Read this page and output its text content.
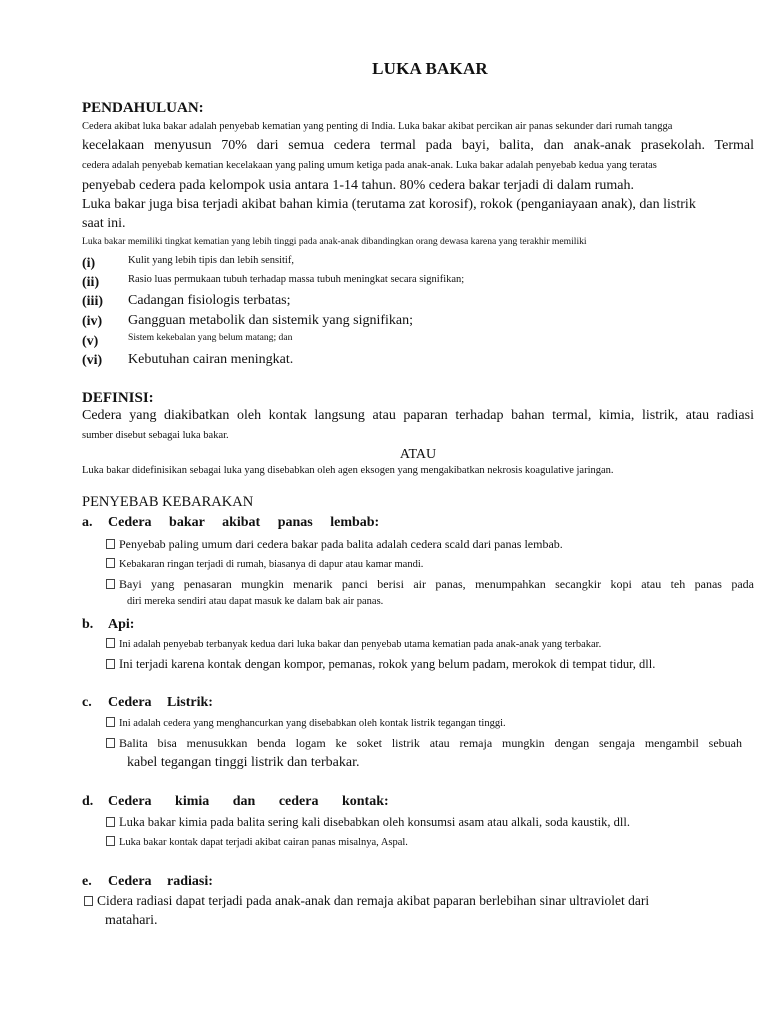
LUKA BAKAR
PENDAHULUAN:
Cedera akibat luka bakar adalah penyebab kematian yang penting di India. Luka bakar akibat percikan air panas sekunder dari rumah tangga
kecelakaan menyusun 70% dari semua cedera termal pada bayi, balita, dan anak-anak prasekolah. Termal
cedera adalah penyebab kematian kecelakaan yang paling umum ketiga pada anak-anak. Luka bakar adalah penyebab kedua yang teratas
penyebab cedera pada kelompok usia antara 1-14 tahun. 80% cedera bakar terjadi di dalam rumah.
Luka bakar juga bisa terjadi akibat bahan kimia (terutama zat korosif), rokok (penganiayaan anak), dan listrik
saat ini.
Luka bakar memiliki tingkat kematian yang lebih tinggi pada anak-anak dibandingkan orang dewasa karena yang terakhir memiliki
(i)	Kulit yang lebih tipis dan lebih sensitif,
(ii)	Rasio luas permukaan tubuh terhadap massa tubuh meningkat secara signifikan;
(iii) Cadangan fisiologis terbatas;
(iv) Gangguan metabolik dan sistemik yang signifikan;
(v)	Sistem kekebalan yang belum matang; dan
(vi) Kebutuhan cairan meningkat.
DEFINISI:
Cedera yang diakibatkan oleh kontak langsung atau paparan terhadap bahan termal, kimia, listrik, atau radiasi
sumber disebut sebagai luka bakar.
ATAU
Luka bakar didefinisikan sebagai luka yang disebabkan oleh agen eksogen yang mengakibatkan nekrosis koagulative jaringan.
PENYEBAB KEBARAKAN
a. Cedera bakar akibat panas lembab:
Penyebab paling umum dari cedera bakar pada balita adalah cedera scald dari panas lembab.
Kebakaran ringan terjadi di rumah, biasanya di dapur atau kamar mandi.
Bayi yang penasaran mungkin menarik panci berisi air panas, menumpahkan secangkir kopi atau teh panas pada
diri mereka sendiri atau dapat masuk ke dalam bak air panas.
b. Api:
Ini adalah penyebab terbanyak kedua dari luka bakar dan penyebab utama kematian pada anak-anak yang terbakar.
Ini terjadi karena kontak dengan kompor, pemanas, rokok yang belum padam, merokok di tempat tidur, dll.
c. Cedera Listrik:
Ini adalah cedera yang menghancurkan yang disebabkan oleh kontak listrik tegangan tinggi.
Balita bisa menusukkan benda logam ke soket listrik atau remaja mungkin dengan sengaja mengambil sebuah
kabel tegangan tinggi listrik dan terbakar.
d. Cedera kimia dan cedera kontak:
Luka bakar kimia pada balita sering kali disebabkan oleh konsumsi asam atau alkali, soda kaustik, dll.
Luka bakar kontak dapat terjadi akibat cairan panas misalnya, Aspal.
e. Cedera radiasi:
Cidera radiasi dapat terjadi pada anak-anak dan remaja akibat paparan berlebihan sinar ultraviolet dari
matahari.
